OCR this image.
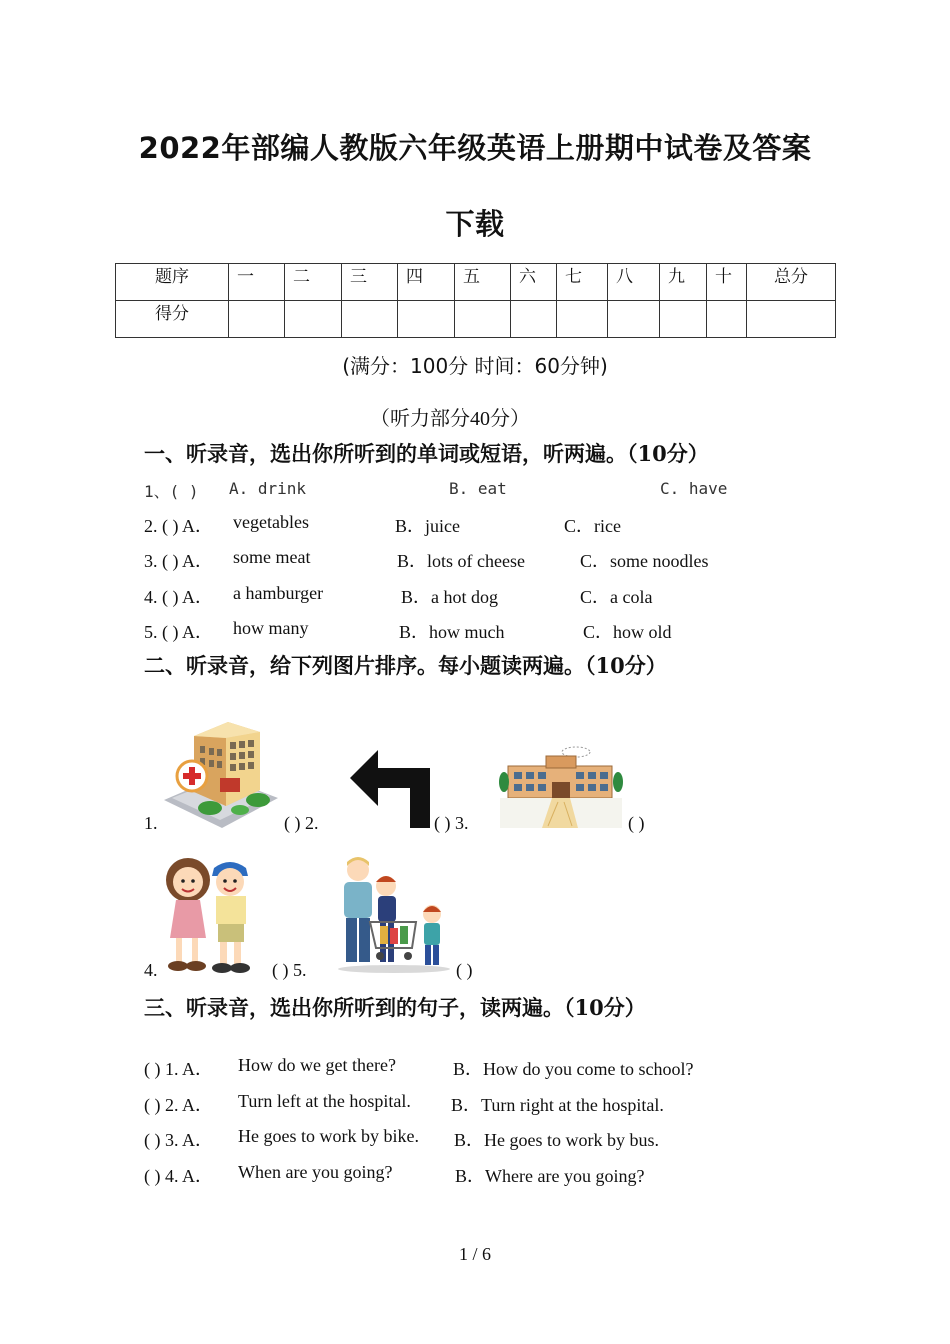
2022年部编人教版六年级英语上册期中试卷及答案
下载
题序	一	二	三	四	五	六	七	八	九	十	总分
得分											
(满分：100分 时间：60分钟)
（听力部分40分）
一、听录音，选出你所听到的单词或短语，听两遍。（10分）
1、( ) A. drink	B. eat	C. have
2. ( ) A． vegetables	B．juice	C．rice
3. ( ) A． some meat	B．lots of cheese	C．some noodles
4. ( ) A． a hamburger	B．a hot dog	C．a cola
5. ( ) A． how many	B．how much	C．how old
二、听录音，给下列图片排序。每小题读两遍。（10分）
1.	( ) 2.	( ) 3.	( )
4.	( ) 5.	( )
三、听录音，选出你所听到的句子，读两遍。（10分）
( ) 1. A． How do we get there?	B．How do you come to school?
( ) 2. A． Turn left at the hospital. B．Turn right at the hospital.
( ) 3. A． He goes to work by bike. B．He goes to work by bus.
( ) 4. A． When are you going?	B．Where are you going?
1 / 6
